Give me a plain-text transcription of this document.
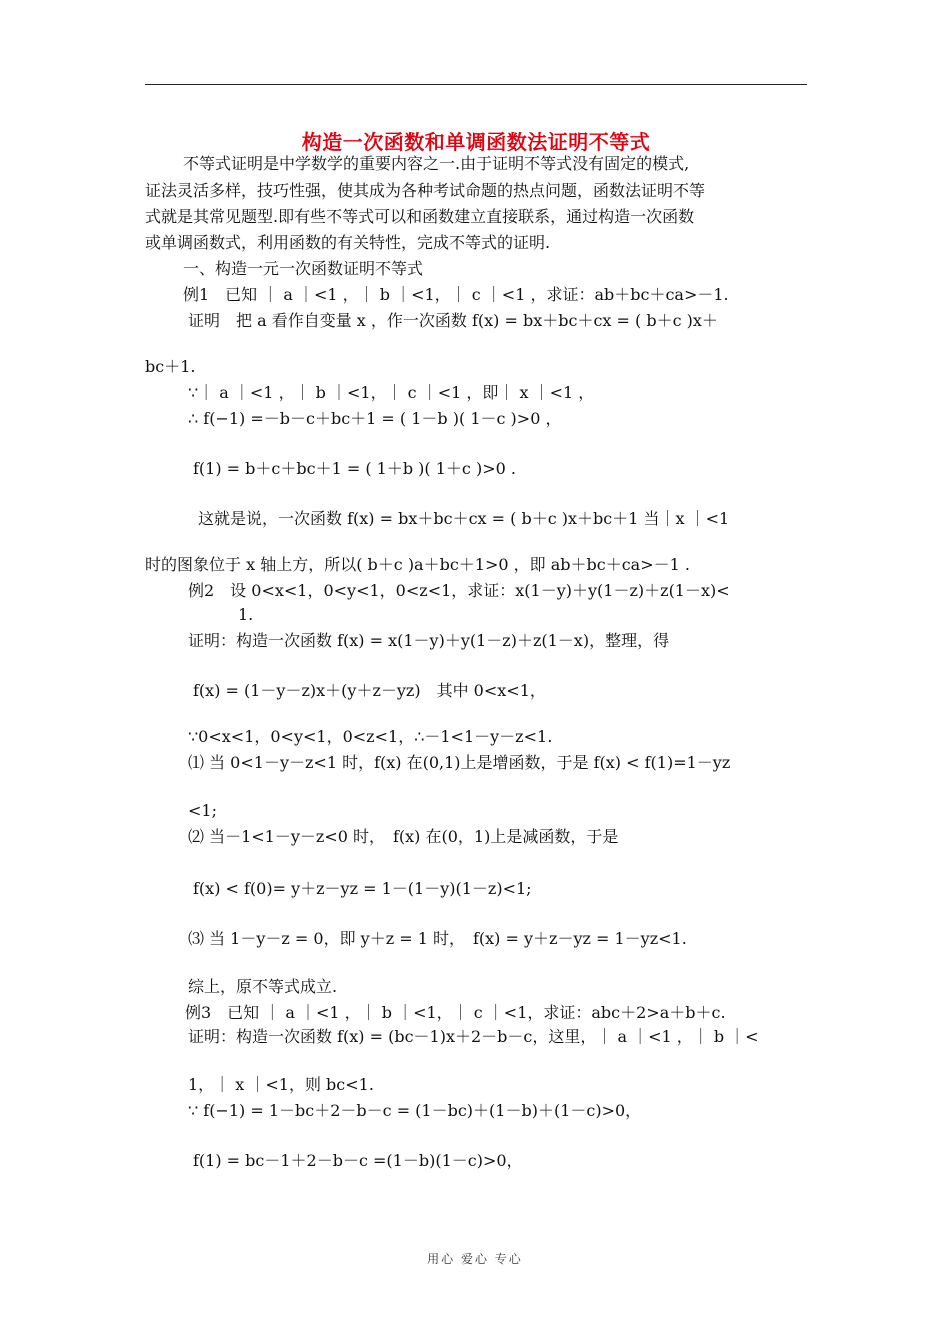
构造一次函数和单调函数法证明不等式
不等式证明是中学数学的重要内容之一.由于证明不等式没有固定的模式,
证法灵活多样，技巧性强，使其成为各种考试命题的热点问题，函数法证明不等
式就是其常见题型.即有些不等式可以和函数建立直接联系，通过构造一次函数
或单调函数式，利用函数的有关特性，完成不等式的证明.
一、构造一元一次函数证明不等式
例1　已知 ｜ a ｜<1 ，｜ b ｜<1，｜ c ｜<1 ，求证：ab＋bc＋ca>－1.
证明　把 a 看作自变量 x ，作一次函数 f(x) = bx＋bc＋cx = ( b＋c )x＋
bc＋1.
∵｜ a ｜<1 ，｜ b ｜<1，｜ c ｜<1 ，即｜ x ｜<1 ，
∴ f(−1) =－b－c＋bc＋1 = ( 1－b )( 1－c )>0 ，
f(1) = b＋c＋bc＋1 = ( 1＋b )( 1＋c )>0 .
这就是说，一次函数 f(x) = bx＋bc＋cx = ( b＋c )x＋bc＋1 当｜x ｜<1
时的图象位于 x 轴上方，所以( b＋c )a＋bc＋1>0 ，即 ab＋bc＋ca>－1 .
例2　设 0<x<1，0<y<1，0<z<1，求证：x(1－y)＋y(1－z)＋z(1－x)<
1.
证明：构造一次函数 f(x) = x(1－y)＋y(1－z)＋z(1－x)，整理，得
f(x) = (1－y－z)x＋(y＋z－yz)　其中 0<x<1，
∵0<x<1，0<y<1，0<z<1，∴－1<1－y－z<1.
⑴ 当 0<1－y－z<1 时，f(x) 在(0,1)上是增函数，于是 f(x) < f(1)=1－yz
<1;
⑵ 当－1<1－y－z<0 时，　f(x) 在(0，1)上是减函数，于是
f(x) < f(0)= y＋z－yz = 1－(1－y)(1－z)<1;
⑶ 当 1－y－z = 0，即 y＋z = 1 时，　f(x) = y＋z－yz = 1－yz<1.
综上，原不等式成立.
例3　已知 ｜ a ｜<1 ，｜ b ｜<1，｜ c ｜<1，求证：abc＋2>a＋b＋c.
证明：构造一次函数 f(x) = (bc－1)x＋2－b－c，这里，｜ a ｜<1 ，｜ b ｜<
1，｜ x ｜<1，则 bc<1.
∵ f(−1) = 1－bc＋2－b－c = (1－bc)＋(1－b)＋(1－c)>0，
f(1) = bc－1＋2－b－c =(1－b)(1－c)>0，
用心 爱心 专心
